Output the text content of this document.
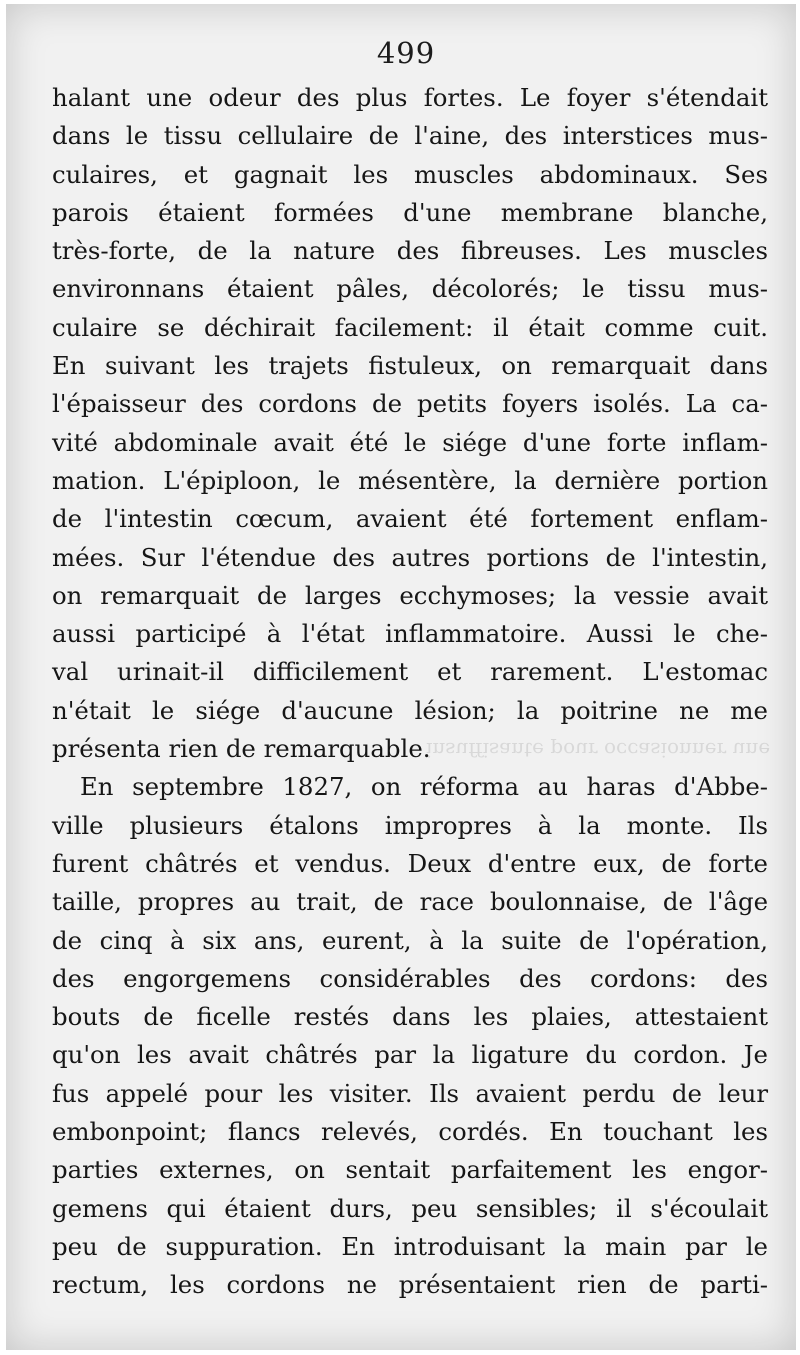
insuffisante pour occasionner une
499
halant une odeur des plus fortes. Le foyer s'étendait
dans le tissu cellulaire de l'aine, des interstices mus-
culaires, et gagnait les muscles abdominaux. Ses
parois étaient formées d'une membrane blanche,
très-forte, de la nature des fibreuses. Les muscles
environnans étaient pâles, décolorés; le tissu mus-
culaire se déchirait facilement: il était comme cuit.
En suivant les trajets fistuleux, on remarquait dans
l'épaisseur des cordons de petits foyers isolés. La ca-
vité abdominale avait été le siége d'une forte inflam-
mation. L'épiploon, le mésentère, la dernière portion
de l'intestin cœcum, avaient été fortement enflam-
mées. Sur l'étendue des autres portions de l'intestin,
on remarquait de larges ecchymoses; la vessie avait
aussi participé à l'état inflammatoire. Aussi le che-
val urinait-il difficilement et rarement. L'estomac
n'était le siége d'aucune lésion; la poitrine ne me
présenta rien de remarquable.
En septembre 1827, on réforma au haras d'Abbe-
ville plusieurs étalons impropres à la monte. Ils
furent châtrés et vendus. Deux d'entre eux, de forte
taille, propres au trait, de race boulonnaise, de l'âge
de cinq à six ans, eurent, à la suite de l'opération,
des engorgemens considérables des cordons: des
bouts de ficelle restés dans les plaies, attestaient
qu'on les avait châtrés par la ligature du cordon. Je
fus appelé pour les visiter. Ils avaient perdu de leur
embonpoint; flancs relevés, cordés. En touchant les
parties externes, on sentait parfaitement les engor-
gemens qui étaient durs, peu sensibles; il s'écoulait
peu de suppuration. En introduisant la main par le
rectum, les cordons ne présentaient rien de parti-
